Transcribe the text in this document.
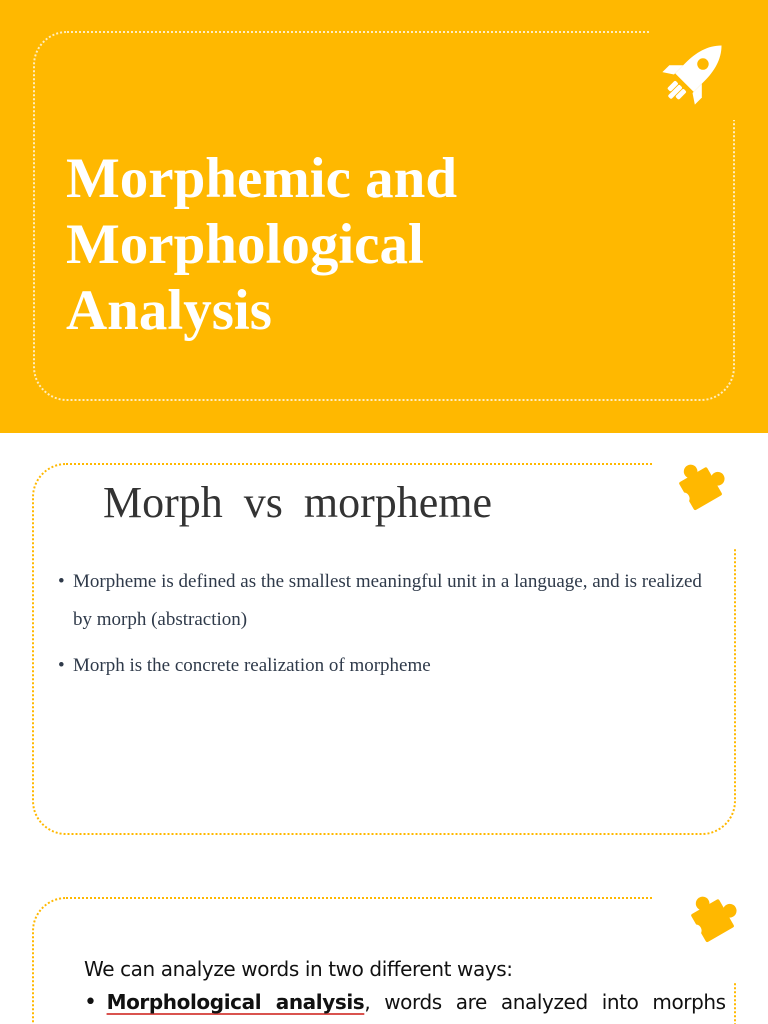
Morphemic and
Morphological
Analysis
Morph vs morpheme
• Morpheme is defined as the smallest meaningful unit in a language, and is realized by morph (abstraction)
• Morph is the concrete realization of morpheme

We can analyze words in two different ways:

• Morphological analysis, words are analyzed into morphs
